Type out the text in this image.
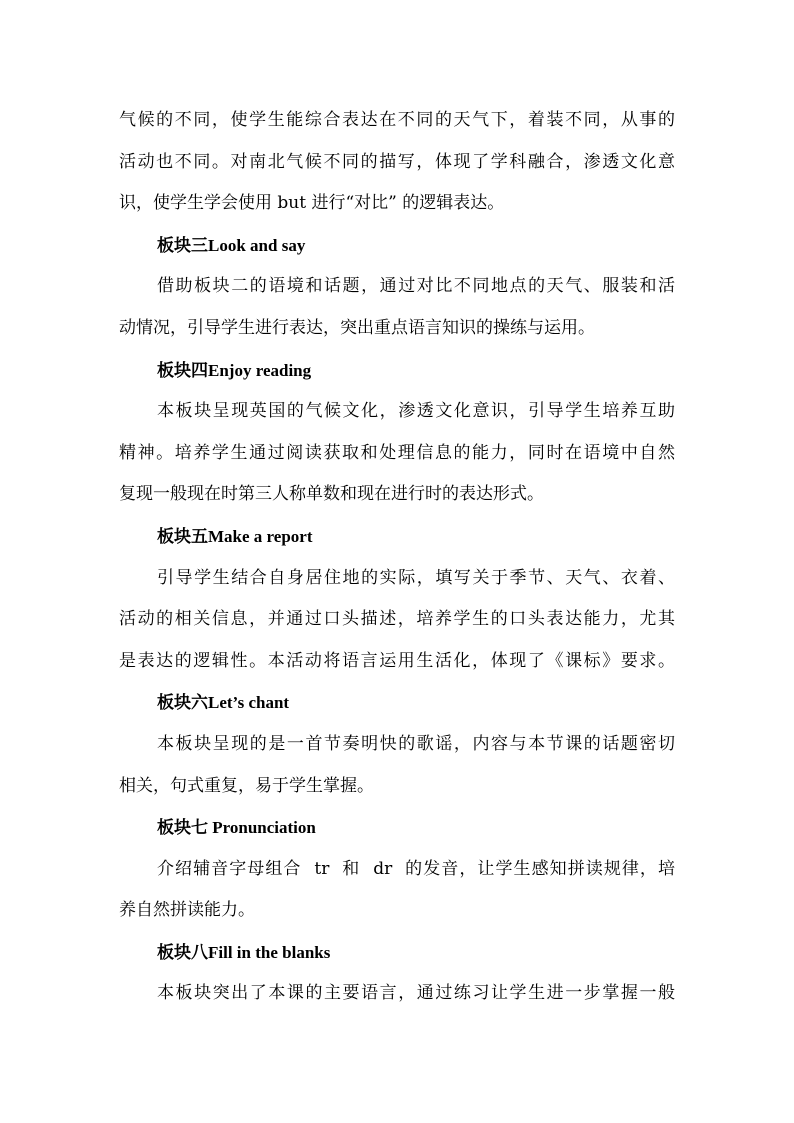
气候的不同，使学生能综合表达在不同的天气下，着装不同，从事的
活动也不同。对南北气候不同的描写，体现了学科融合，渗透文化意
识，使学生学会使用 but 进行“对比” 的逻辑表达。
板块三Look and say
借助板块二的语境和话题，通过对比不同地点的天气、服装和活
动情况，引导学生进行表达，突出重点语言知识的操练与运用。
板块四Enjoy reading
本板块呈现英国的气候文化，渗透文化意识，引导学生培养互助
精神。培养学生通过阅读获取和处理信息的能力，同时在语境中自然
复现一般现在时第三人称单数和现在进行时的表达形式。
板块五Make a report
引导学生结合自身居住地的实际，填写关于季节、天气、衣着、
活动的相关信息，并通过口头描述，培养学生的口头表达能力，尤其
是表达的逻辑性。本活动将语言运用生活化，体现了《课标》要求。
板块六Let’s chant
本板块呈现的是一首节奏明快的歌谣，内容与本节课的话题密切
相关，句式重复，易于学生掌握。
板块七 Pronunciation
介绍辅音字母组合  tr  和  dr  的发音，让学生感知拼读规律，培
养自然拼读能力。
板块八Fill in the blanks
本板块突出了本课的主要语言，通过练习让学生进一步掌握一般
